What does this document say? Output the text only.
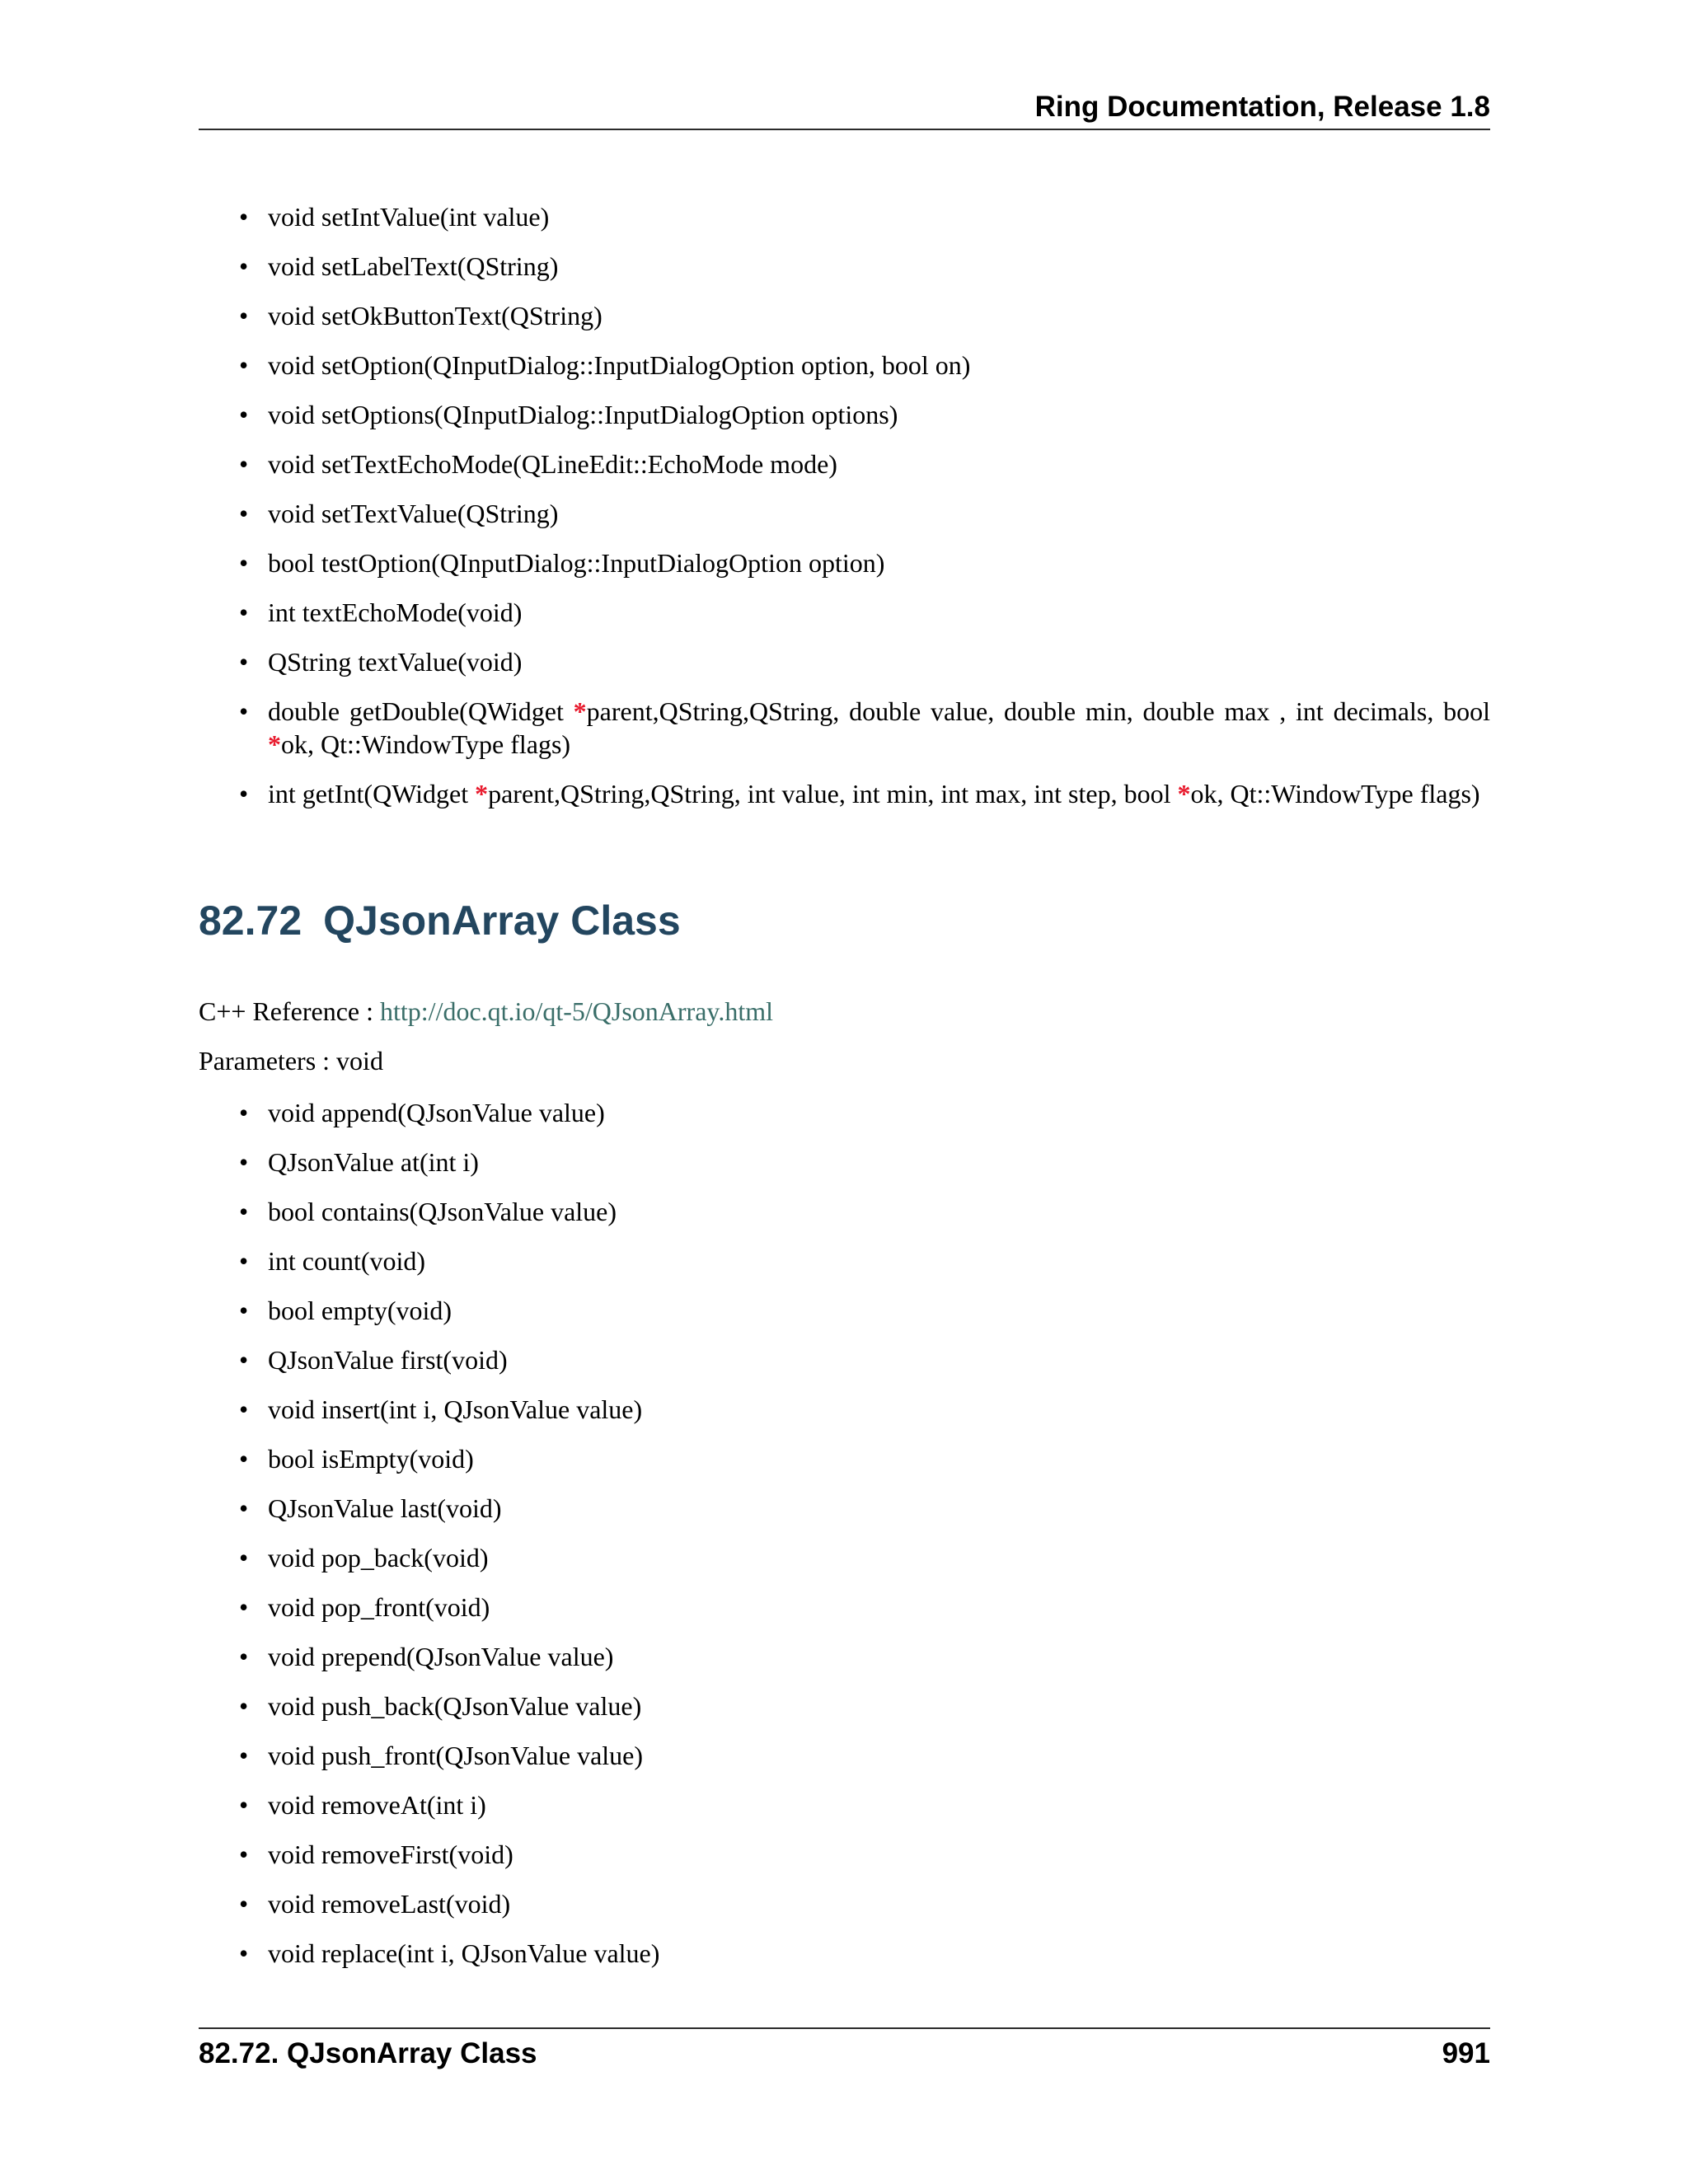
Ring Documentation, Release 1.8
• void setIntValue(int value)
• void setLabelText(QString)
• void setOkButtonText(QString)
• void setOption(QInputDialog::InputDialogOption option, bool on)
• void setOptions(QInputDialog::InputDialogOption options)
• void setTextEchoMode(QLineEdit::EchoMode mode)
• void setTextValue(QString)
• bool testOption(QInputDialog::InputDialogOption option)
• int textEchoMode(void)
• QString textValue(void)
• double getDouble(QWidget *parent,QString,QString, double value, double min, double max , int decimals, bool *ok, Qt::WindowType flags)
• int getInt(QWidget *parent,QString,QString, int value, int min, int max, int step, bool *ok, Qt::WindowType flags)
82.72 QJsonArray Class
C++ Reference : http://doc.qt.io/qt-5/QJsonArray.html
Parameters : void
• void append(QJsonValue value)
• QJsonValue at(int i)
• bool contains(QJsonValue value)
• int count(void)
• bool empty(void)
• QJsonValue first(void)
• void insert(int i, QJsonValue value)
• bool isEmpty(void)
• QJsonValue last(void)
• void pop_back(void)
• void pop_front(void)
• void prepend(QJsonValue value)
• void push_back(QJsonValue value)
• void push_front(QJsonValue value)
• void removeAt(int i)
• void removeFirst(void)
• void removeLast(void)
• void replace(int i, QJsonValue value)
82.72. QJsonArray Class	991
